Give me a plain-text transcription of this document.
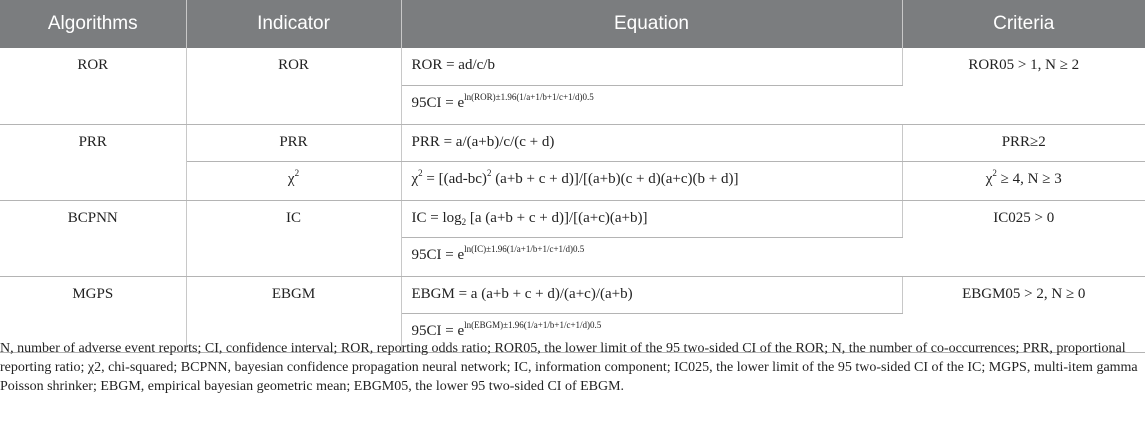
Algorithms	Indicator	Equation	Criteria
ROR	ROR	ROR = ad/c/b	ROR05 > 1, N ≥ 2
		$95CI = e^{ln(ROR)\pm 1.96(1/a+1/b+1/c+1/d)0.5}$
PRR	PRR	PRR = a/(a+b)/c/(c + d)	PRR≥2
	$\chi^2$	$\chi^2 = [(ad-bc)^2$ (a+b + c + d)]/[(a+b)(c + d)(a+c)(b + d)]	$\chi^2 \ge 4$, N ≥ 3
BCPNN	IC	IC = $\log_2 [a$ (a+b + c + d)]/[(a+c)(a+b)]	IC025 > 0
		$95CI = e^{ln(IC)\pm 1.96(1/a+1/b+1/c+1/d)0.5}$
MGPS	EBGM	EBGM = a (a+b + c + d)/(a+c)/(a+b)	EBGM05 > 2, N ≥ 0
		$95CI = e^{ln(EBGM)\pm 1.96(1/a+1/b+1/c+1/d)0.5}$
N, number of adverse event reports; CI, confidence interval; ROR, reporting odds ratio; ROR05, the lower limit of the 95 two-sided CI of the ROR; N, the number of co-occurrences; PRR, proportional reporting ratio; χ2, chi-squared; BCPNN, bayesian confidence propagation neural network; IC, information component; IC025, the lower limit of the 95 two-sided CI of the IC; MGPS, multi-item gamma Poisson shrinker; EBGM, empirical bayesian geometric mean; EBGM05, the lower 95 two-sided CI of EBGM.
